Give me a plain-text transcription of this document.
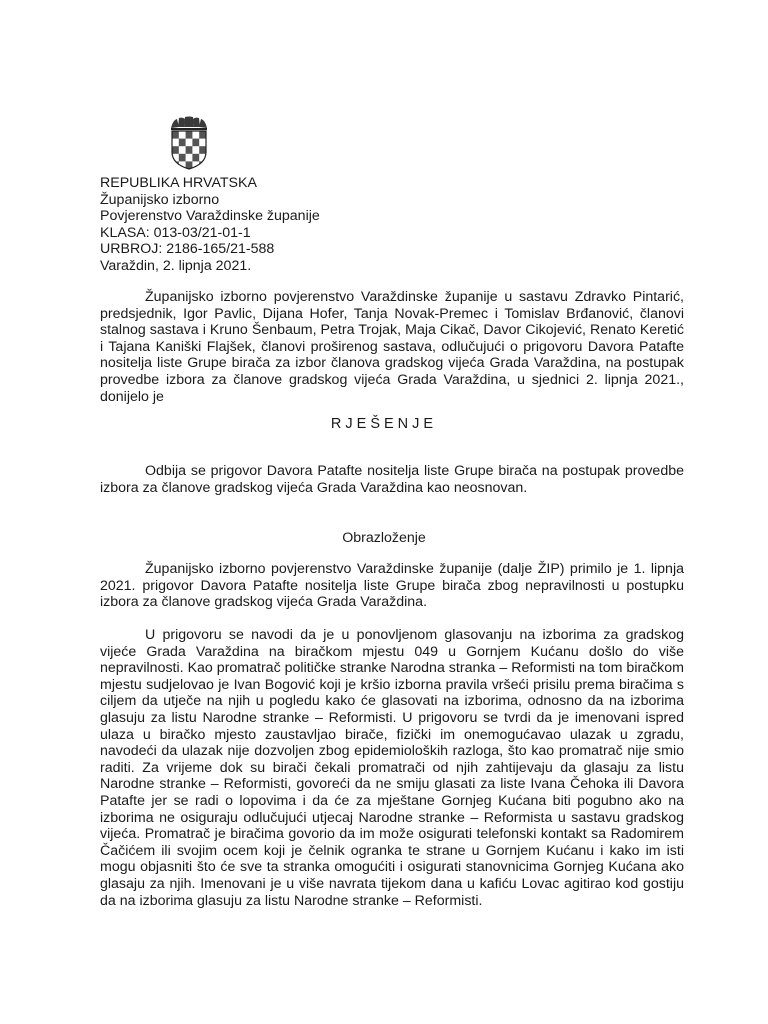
REPUBLIKA HRVATSKA
Županijsko izborno
Povjerenstvo Varaždinske županije
KLASA: 013-03/21-01-1
URBROJ: 2186-165/21-588
Varaždin, 2. lipnja 2021.

Županijsko izborno povjerenstvo Varaždinske županije u sastavu Zdravko Pintarić, predsjednik, Igor Pavlic, Dijana Hofer, Tanja Novak-Premec i Tomislav Brđanović, članovi stalnog sastava i Kruno Šenbaum, Petra Trojak, Maja Cikač, Davor Cikojević, Renato Keretić i Tajana Kaniški Flajšek, članovi proširenog sastava, odlučujući o prigovoru Davora Patafte nositelja liste Grupe birača za izbor članova gradskog vijeća Grada Varaždina, na postupak provedbe izbora za članove gradskog vijeća Grada Varaždina, u sjednici 2. lipnja 2021., donijelo je

RJEŠENJE

Odbija se prigovor Davora Patafte nositelja liste Grupe birača na postupak provedbe izbora za članove gradskog vijeća Grada Varaždina kao neosnovan.

Obrazloženje

Županijsko izborno povjerenstvo Varaždinske županije (dalje ŽIP) primilo je 1. lipnja 2021. prigovor Davora Patafte nositelja liste Grupe birača zbog nepravilnosti u postupku izbora za članove gradskog vijeća Grada Varaždina.

U prigovoru se navodi da je u ponovljenom glasovanju na izborima za gradskog vijeće Grada Varaždina na biračkom mjestu 049 u Gornjem Kućanu došlo do više nepravilnosti. Kao promatrač političke stranke Narodna stranka – Reformisti na tom biračkom mjestu sudjelovao je Ivan Bogović koji je kršio izborna pravila vršeći prisilu prema biračima s ciljem da utječe na njih u pogledu kako će glasovati na izborima, odnosno da na izborima glasuju za listu Narodne stranke – Reformisti. U prigovoru se tvrdi da je imenovani ispred ulaza u biračko mjesto zaustavljao birače, fizički im onemogućavao ulazak u zgradu, navodeći da ulazak nije dozvoljen zbog epidemioloških razloga, što kao promatrač nije smio raditi. Za vrijeme dok su birači čekali promatrači od njih zahtijevaju da glasaju za listu Narodne stranke – Reformisti, govoreći da ne smiju glasati za liste Ivana Čehoka ili Davora Patafte jer se radi o lopovima i da će za mještane Gornjeg Kućana biti pogubno ako na izborima ne osiguraju odlučujući utjecaj Narodne stranke – Reformista u sastavu gradskog vijeća. Promatrač je biračima govorio da im može osigurati telefonski kontakt sa Radomirem Čačićem ili svojim ocem koji je čelnik ogranka te strane u Gornjem Kućanu i kako im isti mogu objasniti što će sve ta stranka omogućiti i osigurati stanovnicima Gornjeg Kućana ako glasaju za njih. Imenovani je u više navrata tijekom dana u kafiću Lovac agitirao kod gostiju da na izborima glasuju za listu Narodne stranke – Reformisti.
